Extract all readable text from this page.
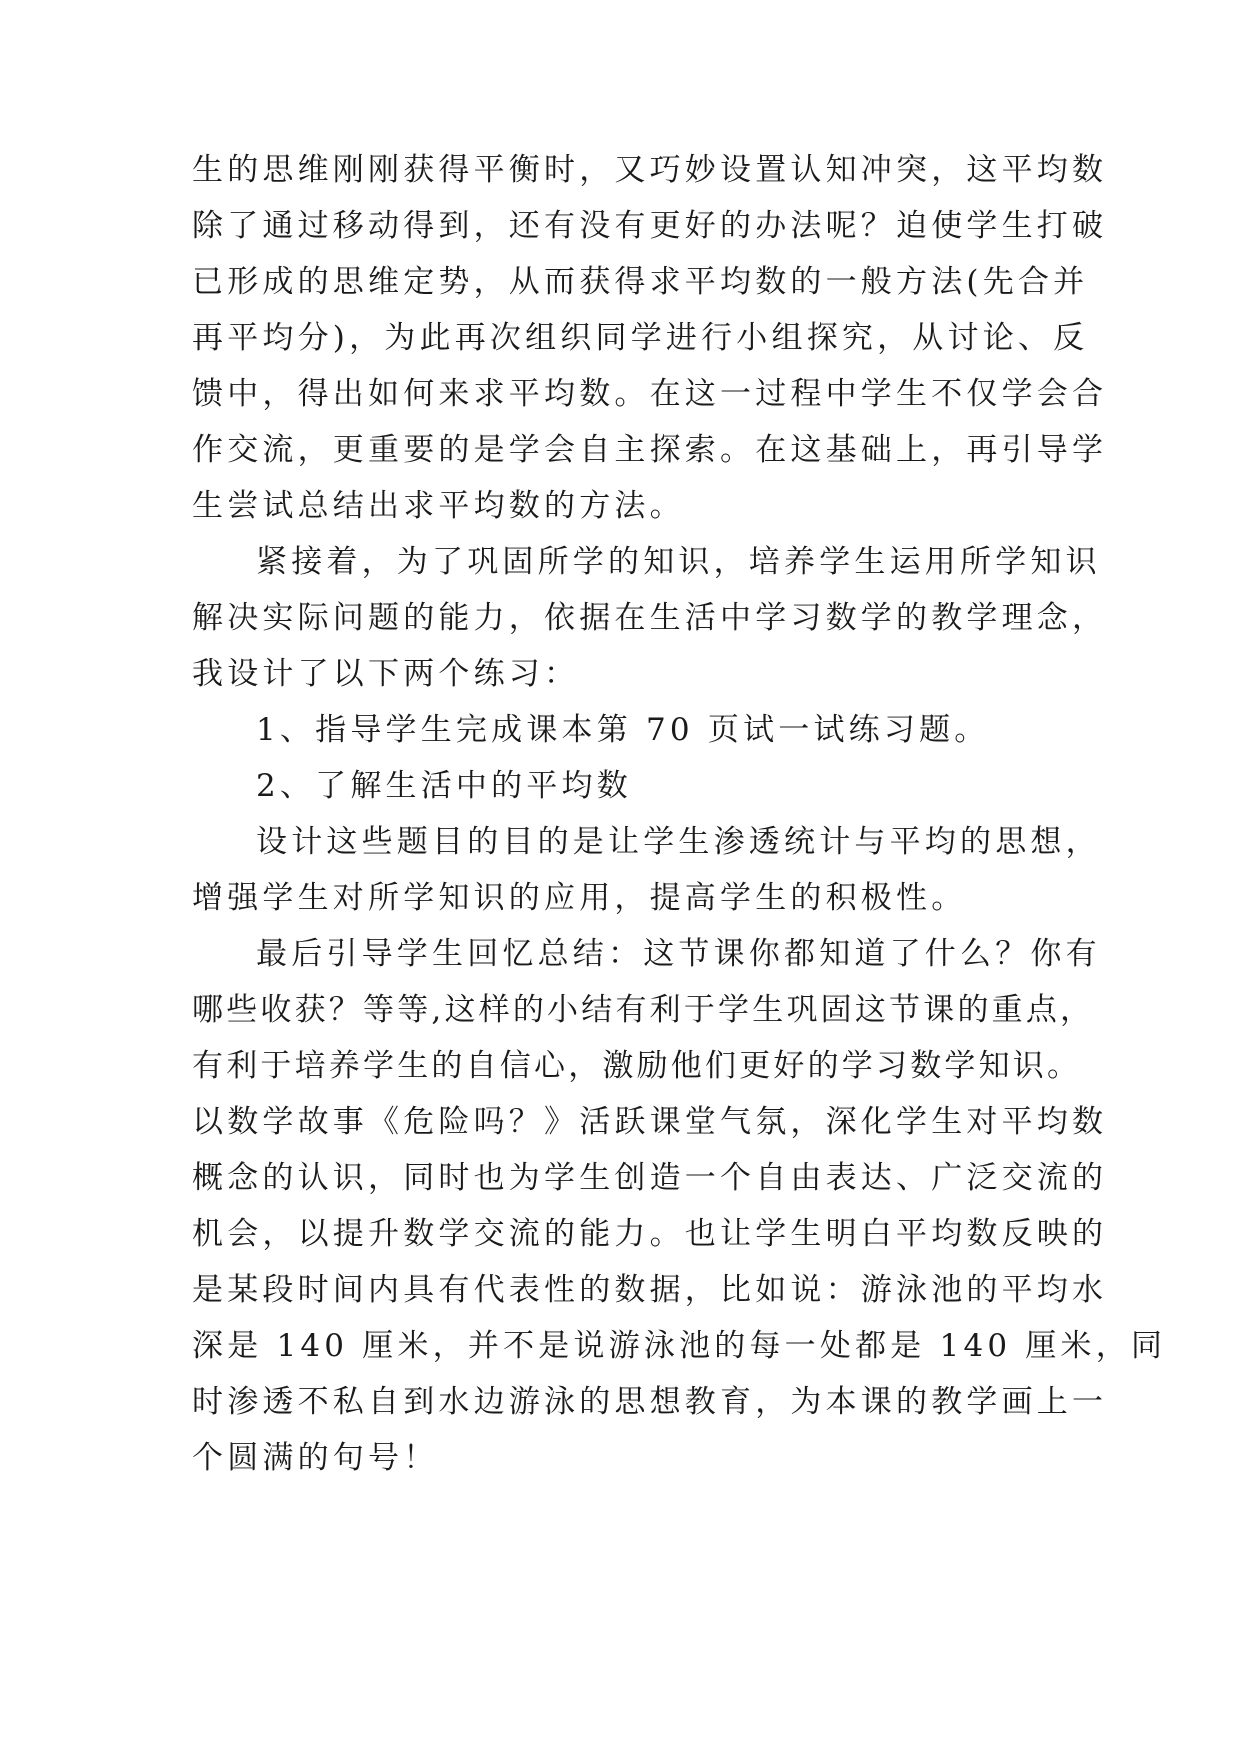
生的思维刚刚获得平衡时，又巧妙设置认知冲突，这平均数
除了通过移动得到，还有没有更好的办法呢？迫使学生打破
已形成的思维定势，从而获得求平均数的一般方法(先合并
再平均分)，为此再次组织同学进行小组探究，从讨论、反
馈中，得出如何来求平均数。在这一过程中学生不仅学会合
作交流，更重要的是学会自主探索。在这基础上，再引导学
生尝试总结出求平均数的方法。
紧接着，为了巩固所学的知识，培养学生运用所学知识
解决实际问题的能力，依据在生活中学习数学的教学理念，
我设计了以下两个练习：
1、指导学生完成课本第 70 页试一试练习题。
2、了解生活中的平均数
设计这些题目的目的是让学生渗透统计与平均的思想，
增强学生对所学知识的应用，提高学生的积极性。
最后引导学生回忆总结：这节课你都知道了什么？你有
哪些收获？等等,这样的小结有利于学生巩固这节课的重点，
有利于培养学生的自信心，激励他们更好的学习数学知识。
以数学故事《危险吗？》活跃课堂气氛，深化学生对平均数
概念的认识，同时也为学生创造一个自由表达、广泛交流的
机会，以提升数学交流的能力。也让学生明白平均数反映的
是某段时间内具有代表性的数据，比如说：游泳池的平均水
深是 140 厘米，并不是说游泳池的每一处都是 140 厘米，同
时渗透不私自到水边游泳的思想教育，为本课的教学画上一
个圆满的句号！
